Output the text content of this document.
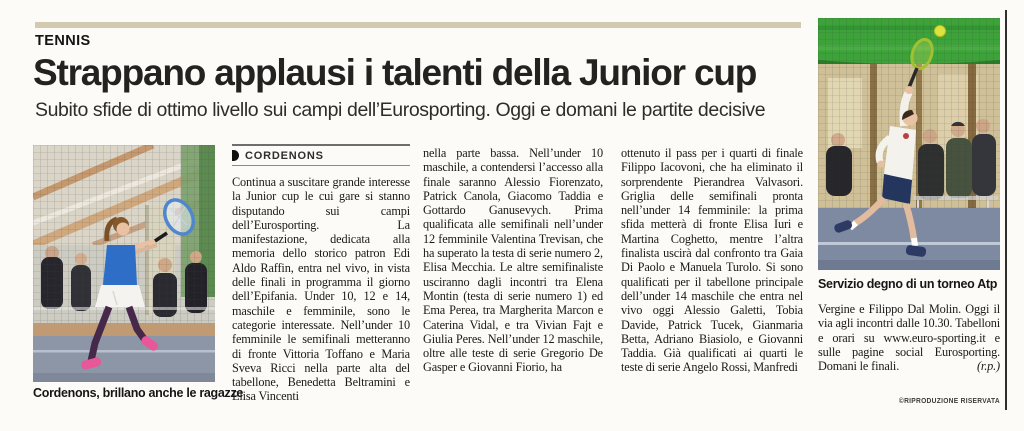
TENNIS
Strappano applausi i talenti della Junior cup
Subito sfide di ottimo livello sui campi dell’Eurosporting. Oggi e domani le partite decisive
Cordenons, brillano anche le ragazze
Servizio degno di un torneo Atp
CORDENONS
Continua a suscitare grande interesse la Junior cup le cui gare si stanno disputando sui campi dell’Eurosporting. La manifestazione, dedicata alla memoria dello storico patron Edi Aldo Raffin, entra nel vivo, in vista delle finali in programma il giorno dell’Epifania. Under 10, 12 e 14, maschile e femminile, sono le categorie interessate. Nell’under 10 femminile le semifinali metteranno di fronte Vittoria Toffano e Maria Sveva Ricci nella parte alta del tabellone, Benedetta Beltramini e Elisa Vincenti
nella parte bassa. Nell’under 10 maschile, a contendersi l’accesso alla finale saranno Alessio Fiorenzato, Patrick Canola, Giacomo Taddia e Gottardo Ganusevych. Prima qualificata alle semifinali nell’under 12 femminile Valentina Trevisan, che ha superato la testa di serie numero 2, Elisa Mecchia. Le altre semifinaliste usciranno dagli incontri tra Elena Montin (testa di serie numero 1) ed Ema Perea, tra Margherita Marcon e Caterina Vidal, e tra Vivian Fajt e Giulia Peres. Nell’under 12 maschile, oltre alle teste di serie Gregorio De Gasper e Giovanni Fiorio, ha
ottenuto il pass per i quarti di finale Filippo Iacovoni, che ha eliminato il sorprendente Pierandrea Valvasori. Griglia delle semifinali pronta nell’under 14 femminile: la prima sfida metterà di fronte Elisa Iuri e Martina Coghetto, mentre l’altra finalista uscirà dal confronto tra Gaia Di Paolo e Manuela Turolo. Si sono qualificati per il tabellone principale dell’under 14 maschile che entra nel vivo oggi Alessio Galetti, Tobia Davide, Patrick Tucek, Gianmaria Betta, Adriano Biasiolo, e Giovanni Taddia. Già qualificati ai quarti le teste di serie Angelo Rossi, Manfredi
Vergine e Filippo Dal Molin. Oggi il via agli incontri dalle 10.30. Tabelloni e orari su www.euro-sporting.it e sulle pagine social Eurosporting. Domani le finali.	(r.p.)
©RIPRODUZIONE RISERVATA
